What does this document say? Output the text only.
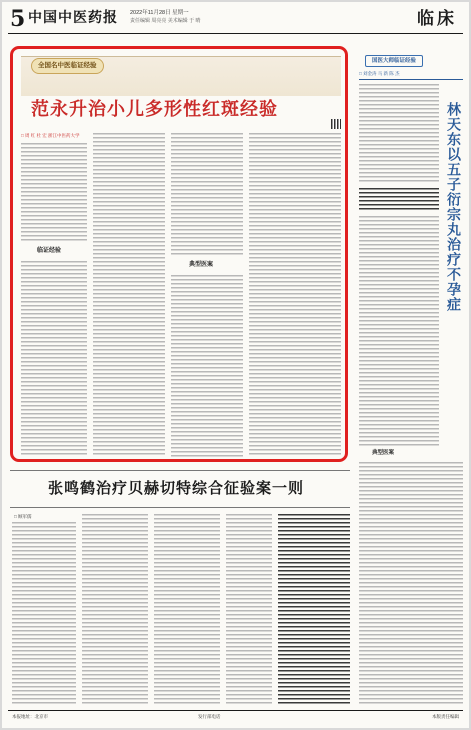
5 中国中医药报 2022年11月28日 星期一
责任编辑 周亮亮 美术编辑 于 晴	临床
全国名中医临证经验
范永升治小儿多形性红斑经验
□ 周 红 杜 宏 浙江中医药大学
临证经验
典型医案
国医大师临证经验
□ 刘金涛 马 新 陈 杰
林天东以五子衍宗丸治疗不孕症
典型医案
张鸣鹤治疗贝赫切特综合征验案一则
□ 顾军儒
本报地址：北京市	发行部电话	本版责任编辑
